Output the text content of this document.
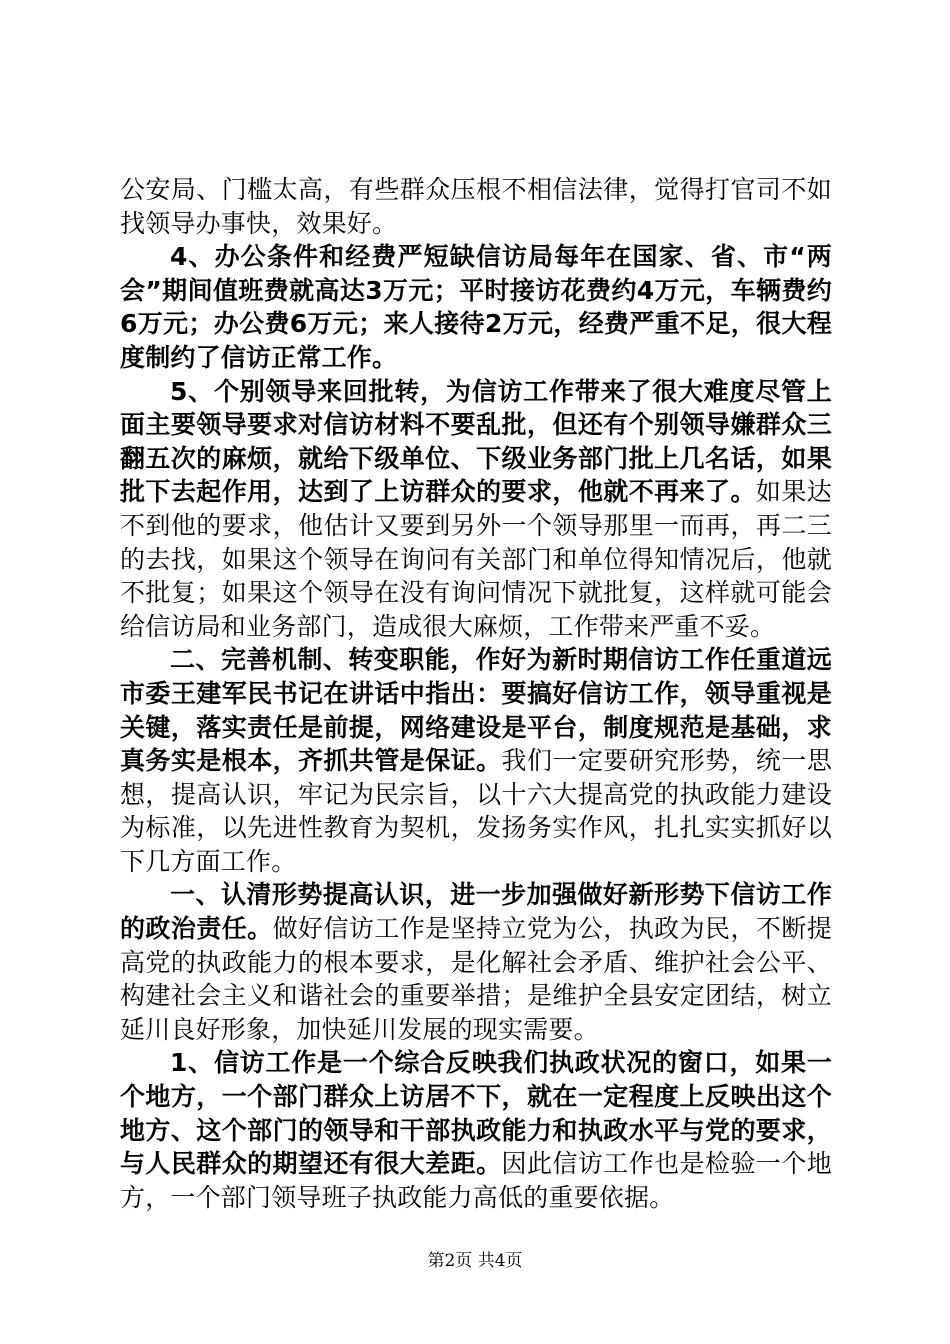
公安局、门槛太高，有些群众压根不相信法律，觉得打官司不如找领导办事快，效果好。

4、办公条件和经费严短缺信访局每年在国家、省、市“两会”期间值班费就高达3万元；平时接访花费约4万元，车辆费约6万元；办公费6万元；来人接待2万元，经费严重不足，很大程度制约了信访正常工作。

5、个别领导来回批转，为信访工作带来了很大难度尽管上面主要领导要求对信访材料不要乱批，但还有个别领导嫌群众三翻五次的麻烦，就给下级单位、下级业务部门批上几名话，如果批下去起作用，达到了上访群众的要求，他就不再来了。如果达不到他的要求，他估计又要到另外一个领导那里一而再，再二三的去找，如果这个领导在询问有关部门和单位得知情况后，他就不批复；如果这个领导在没有询问情况下就批复，这样就可能会给信访局和业务部门，造成很大麻烦，工作带来严重不妥。

二、完善机制、转变职能，作好为新时期信访工作任重道远市委王建军民书记在讲话中指出：要搞好信访工作，领导重视是关键，落实责任是前提，网络建设是平台，制度规范是基础，求真务实是根本，齐抓共管是保证。我们一定要研究形势，统一思想，提高认识，牢记为民宗旨，以十六大提高党的执政能力建设为标准，以先进性教育为契机，发扬务实作风，扎扎实实抓好以下几方面工作。

一、认清形势提高认识，进一步加强做好新形势下信访工作的政治责任。做好信访工作是坚持立党为公，执政为民，不断提高党的执政能力的根本要求，是化解社会矛盾、维护社会公平、构建社会主义和谐社会的重要举措；是维护全县安定团结，树立延川良好形象，加快延川发展的现实需要。

1、信访工作是一个综合反映我们执政状况的窗口，如果一个地方，一个部门群众上访居不下，就在一定程度上反映出这个地方、这个部门的领导和干部执政能力和执政水平与党的要求，与人民群众的期望还有很大差距。因此信访工作也是检验一个地方，一个部门领导班子执政能力高低的重要依据。

第2页 共4页
